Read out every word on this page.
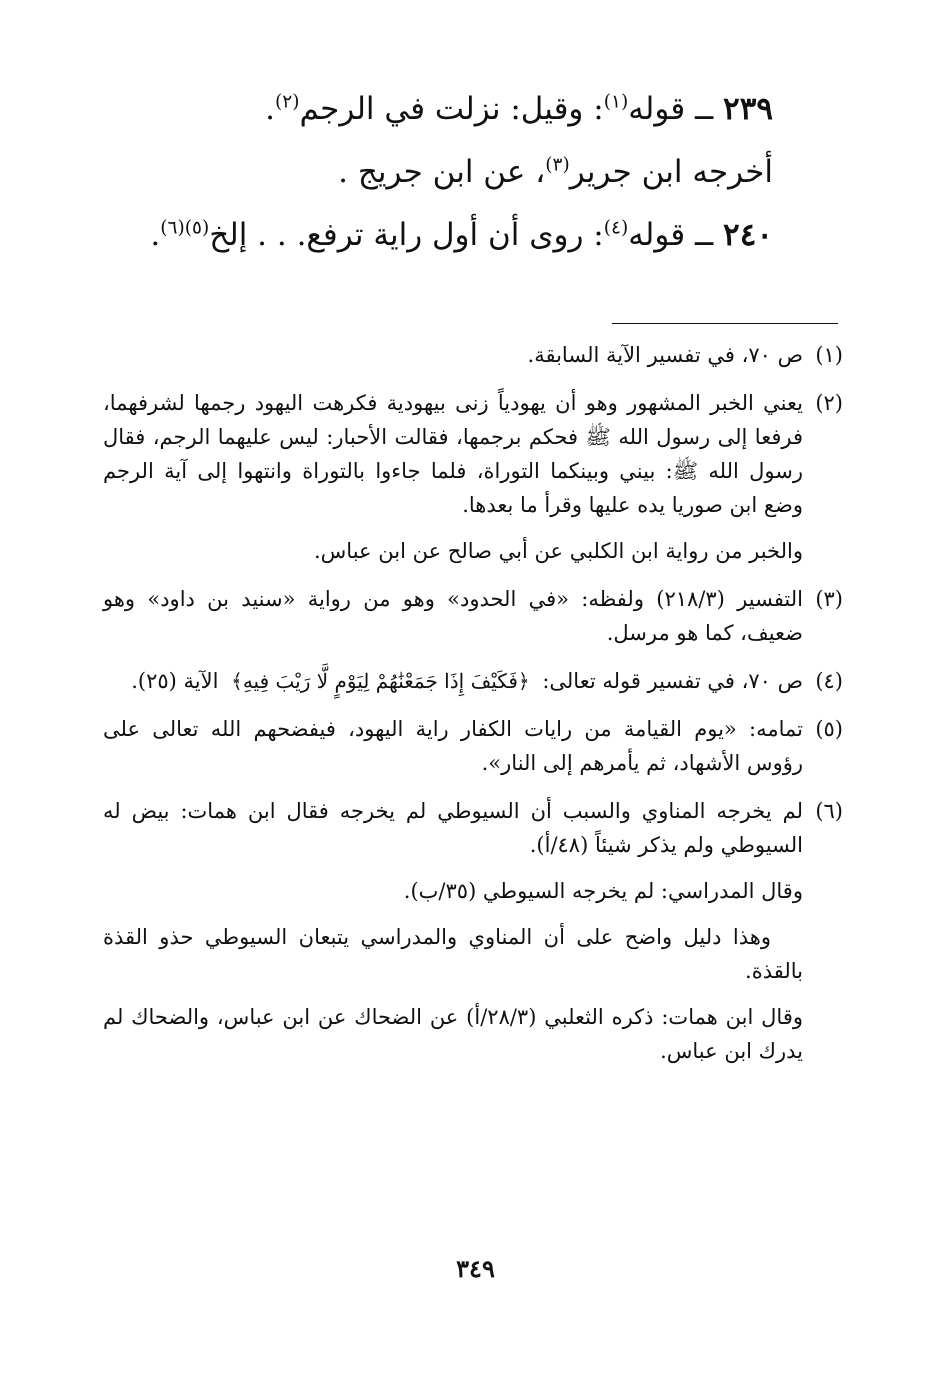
٢٣٩ ــ قوله$^{(١)}$: وقيل: نزلت في الرجم$^{(٢)}$.
أخرجه ابن جرير$^{(٣)}$، عن ابن جريج .
٢٤٠ ــ قوله$^{(٤)}$: روى أن أول راية ترفع. . . إلخ$^{(٥)(٦)}$.
(١)

ص ٧٠، في تفسير الآية السابقة.

(٢)

يعني الخبر المشهور وهو أن يهودياً زنى بيهودية فكرهت اليهود رجمها لشرفهما، فرفعا إلى رسول الله ﷺ فحكم برجمها، فقالت الأحبار: ليس عليهما الرجم، فقال رسول الله ﷺ: بيني وبينكما التوراة، فلما جاءوا بالتوراة وانتهوا إلى آية الرجم وضع ابن صوريا يده عليها وقرأ ما بعدها.

والخبر من رواية ابن الكلبي عن أبي صالح عن ابن عباس.

(٣)

التفسير (٢١٨/٣) ولفظه: «في الحدود» وهو من رواية «سنيد بن داود» وهو ضعيف، كما هو مرسل.

(٤)

ص ٧٠، في تفسير قوله تعالى: ﴿فَكَيْفَ إِذَا جَمَعْنَٰهُمْ لِيَوْمٍ لَّا رَيْبَ فِيهِ﴾ الآية (٢٥).

(٥)

تمامه: «يوم القيامة من رايات الكفار راية اليهود، فيفضحهم الله تعالى على رؤوس الأشهاد، ثم يأمرهم إلى النار».

(٦)

لم يخرجه المناوي والسبب أن السيوطي لم يخرجه فقال ابن همات: بيض له السيوطي ولم يذكر شيئاً (٤٨/أ).

وقال المدراسي: لم يخرجه السيوطي (٣٥/ب).

وهذا دليل واضح على أن المناوي والمدراسي يتبعان السيوطي حذو القذة بالقذة.

وقال ابن همات: ذكره الثعلبي (٢٨/٣/أ) عن الضحاك عن ابن عباس، والضحاك لم يدرك ابن عباس.

٣٤٩
